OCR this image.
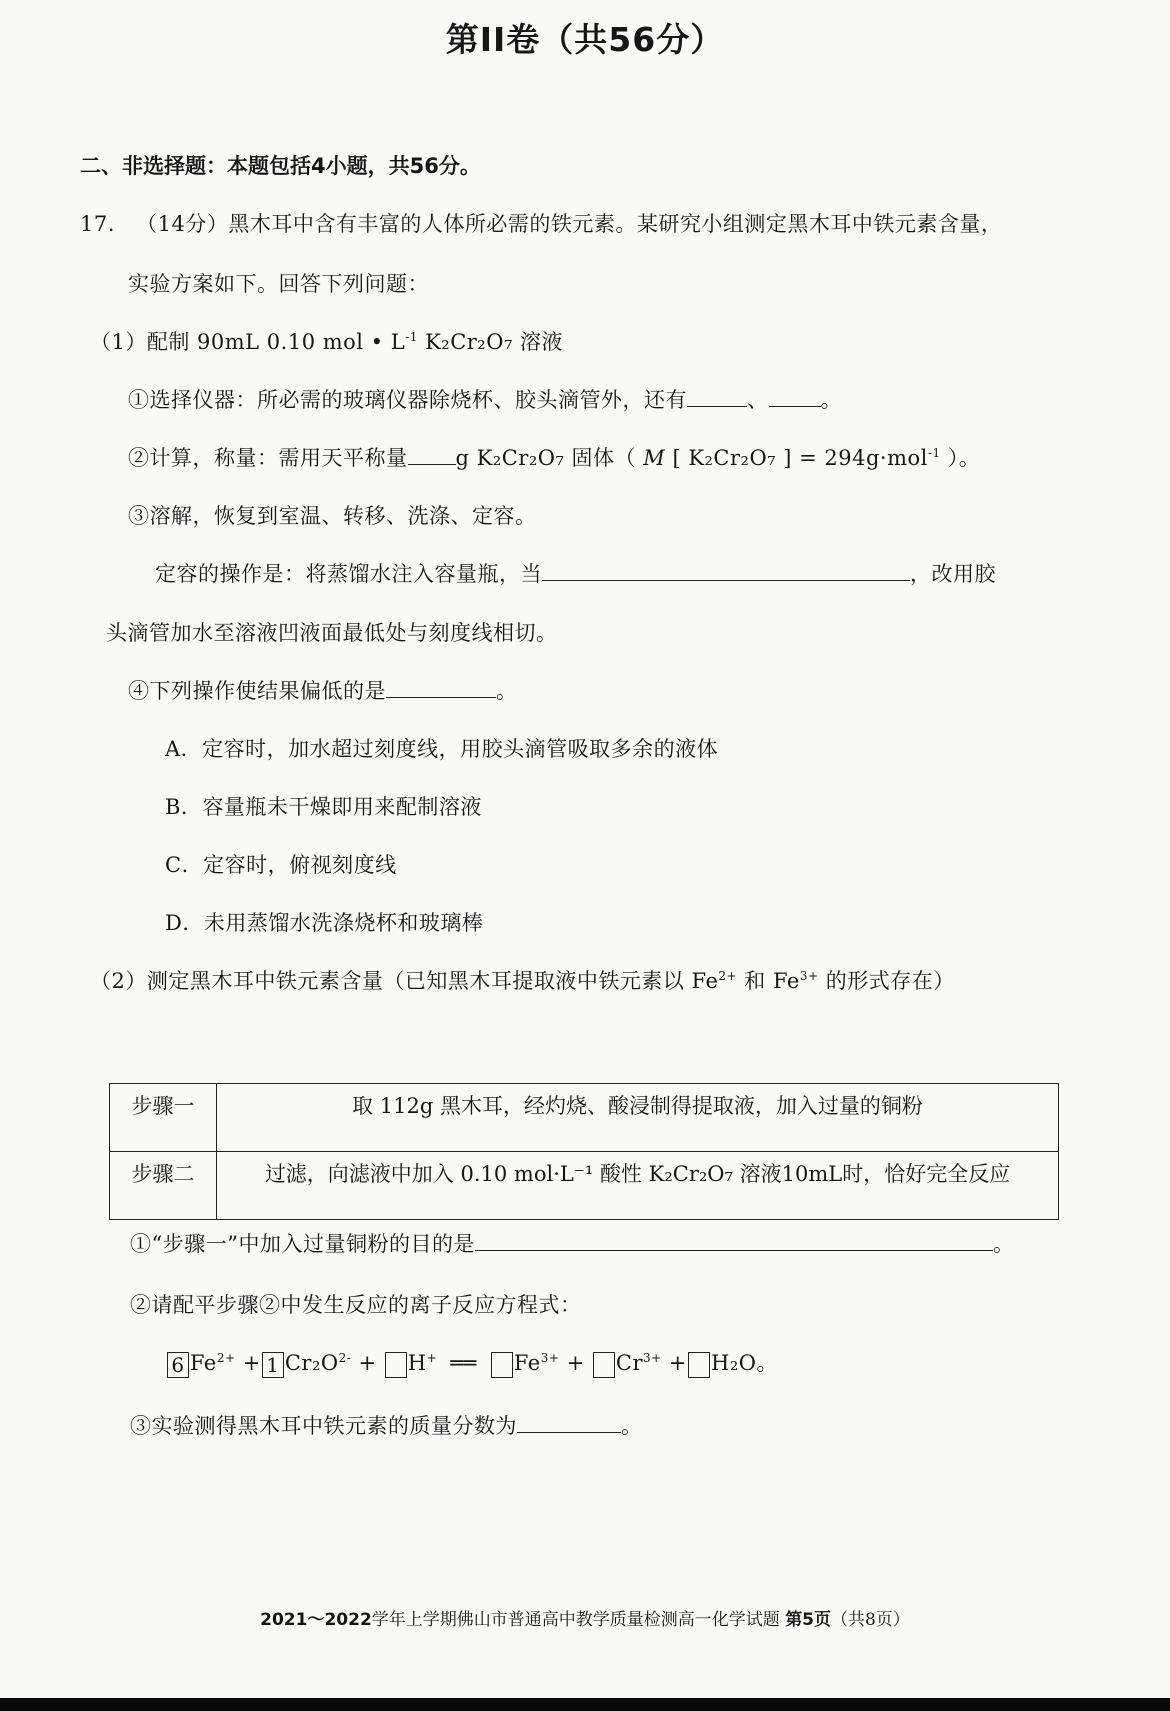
第II卷（共56分）
二、非选择题：本题包括4小题，共56分。
17. （14分）黑木耳中含有丰富的人体所必需的铁元素。某研究小组测定黑木耳中铁元素含量，
实验方案如下。回答下列问题：
（1）配制 90mL 0.10 mol • $L^{-1}$ K₂Cr₂O₇ 溶液
①选择仪器：所必需的玻璃仪器除烧杯、胶头滴管外，还有	、 。
②计算，称量：需用天平称量 g K₂Cr₂O₇ 固体（ M [ K₂Cr₂O₇ ] = 294g·mol$^{-1}$ ）。
③溶解，恢复到室温、转移、洗涤、定容。
定容的操作是：将蒸馏水注入容量瓶，当	，改用胶
头滴管加水至溶液凹液面最低处与刻度线相切。
④下列操作使结果偏低的是	。
A．定容时，加水超过刻度线，用胶头滴管吸取多余的液体
B．容量瓶未干燥即用来配制溶液
C．定容时，俯视刻度线
D．未用蒸馏水洗涤烧杯和玻璃棒
（2）测定黑木耳中铁元素含量（已知黑木耳提取液中铁元素以 $Fe^{2+}$ 和 $Fe^{3+}$ 的形式存在）
步骤一	取 112g 黑木耳，经灼烧、酸浸制得提取液，加入过量的铜粉
步骤二	过滤，向滤液中加入 0.10 mol·L⁻¹ 酸性 K₂Cr₂O₇ 溶液10mL时，恰好完全反应
①“步骤一”中加入过量铜粉的目的是	。
②请配平步骤②中发生反应的离子反应方程式：
6 $Fe^{2+} + 1$ $Cr_2O^{2-} + H^+$ ══ $Fe^{3+} + Cr^{3+} + H_2O$。
③实验测得黑木耳中铁元素的质量分数为	。
2021～2022学年上学期佛山市普通高中教学质量检测高一化学试题 第5页（共8页）
